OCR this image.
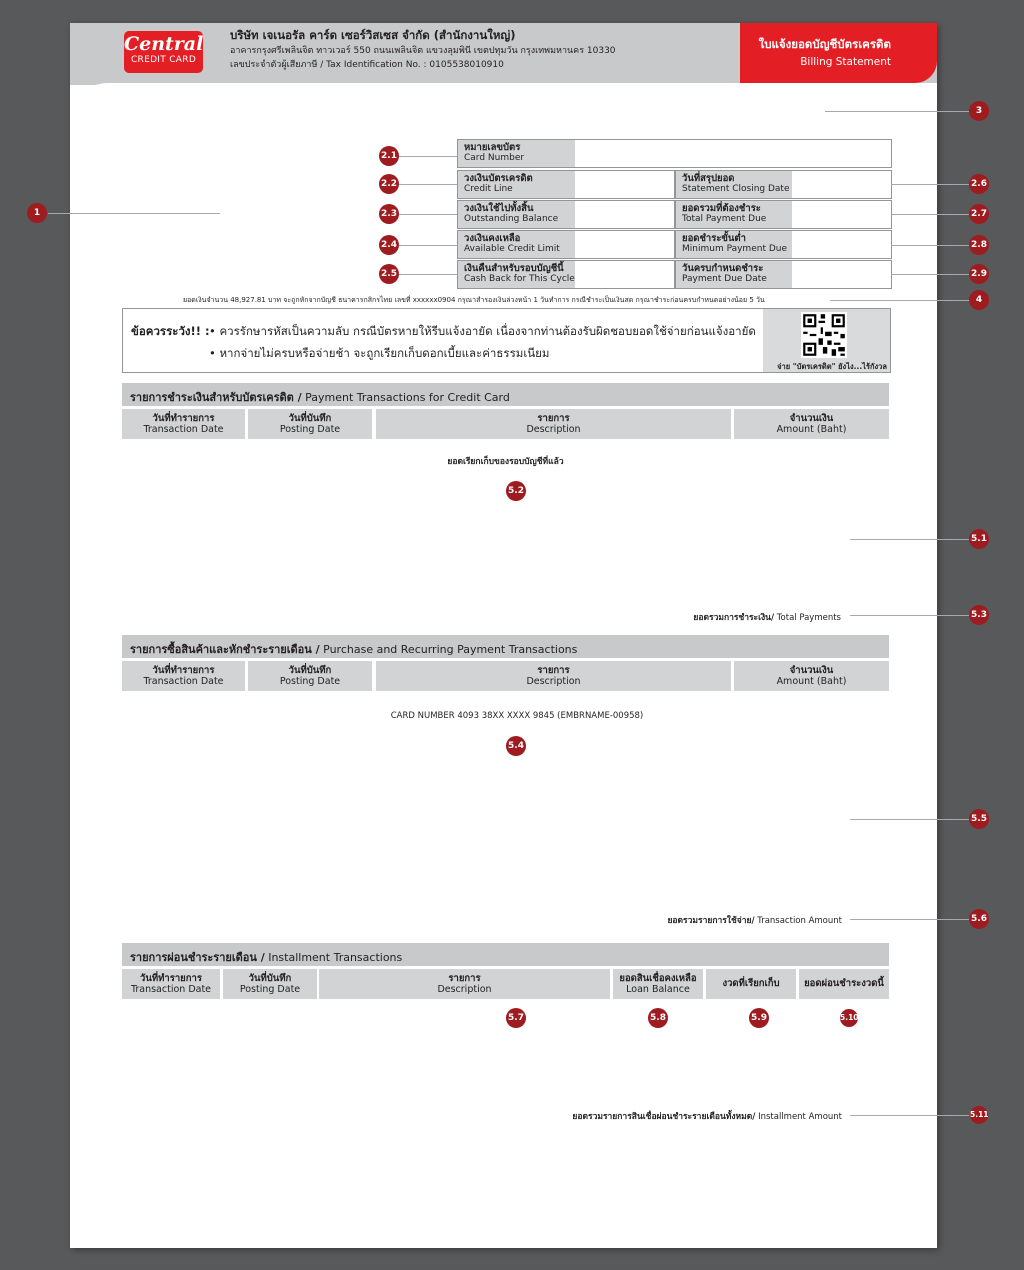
Central
CREDIT CARD
บริษัท เจเนอรัล คาร์ด เซอร์วิสเซส จำกัด (สำนักงานใหญ่)
อาคารกรุงศรีเพลินจิต ทาวเวอร์ 550 ถนนเพลินจิต แขวงลุมพินี เขตปทุมวัน กรุงเทพมหานคร 10330
เลขประจำตัวผู้เสียภาษี / Tax Identification No. : 0105538010910
ใบแจ้งยอดบัญชีบัตรเครดิต
Billing Statement
หมายเลขบัตร
Card Number
วงเงินบัตรเครดิต
Credit Line
วงเงินใช้ไปทั้งสิ้น
Outstanding Balance
วงเงินคงเหลือ
Available Credit Limit
เงินคืนสำหรับรอบบัญชีนี้
Cash Back for This Cycle
วันที่สรุปยอด
Statement Closing Date
ยอดรวมที่ต้องชำระ
Total Payment Due
ยอดชำระขั้นต่ำ
Minimum Payment Due
วันครบกำหนดชำระ
Payment Due Date
ยอดเงินจำนวน 48,927.81 บาท จะถูกหักจากบัญชี ธนาคารกสิกรไทย เลขที่ xxxxxx0904 กรุณาสำรองเงินล่วงหน้า 1 วันทำการ กรณีชำระเป็นเงินสด กรุณาชำระก่อนครบกำหนดอย่างน้อย 5 วัน
ข้อควรระวัง!! :
• ควรรักษารหัสเป็นความลับ กรณีบัตรหายให้รีบแจ้งอายัด เนื่องจากท่านต้องรับผิดชอบยอดใช้จ่ายก่อนแจ้งอายัด
• หากจ่ายไม่ครบหรือจ่ายช้า จะถูกเรียกเก็บดอกเบี้ยและค่าธรรมเนียม
จ่าย "บัตรเครดิต" ยังไง...ไร้กังวล
รายการชำระเงินสำหรับบัตรเครดิต / Payment Transactions for Credit Card
วันที่ทำรายการ
Transaction Date
วันที่บันทึก
Posting Date
รายการ
Description
จำนวนเงิน
Amount (Baht)
ยอดเรียกเก็บของรอบบัญชีที่แล้ว
ยอดรวมการชำระเงิน/ Total Payments
รายการซื้อสินค้าและหักชำระรายเดือน / Purchase and Recurring Payment Transactions
วันที่ทำรายการ
Transaction Date
วันที่บันทึก
Posting Date
รายการ
Description
จำนวนเงิน
Amount (Baht)
CARD NUMBER 4093 38XX XXXX 9845 (EMBRNAME-00958)
ยอดรวมรายการใช้จ่าย/ Transaction Amount
รายการผ่อนชำระรายเดือน / Installment Transactions
วันที่ทำรายการ
Transaction Date
วันที่บันทึก
Posting Date
รายการ
Description
ยอดสินเชื่อคงเหลือ
Loan Balance
งวดที่เรียกเก็บ	ยอดผ่อนชำระงวดนี้
ยอดรวมรายการสินเชื่อผ่อนชำระรายเดือนทั้งหมด/ Installment Amount
1
2.1
2.2
2.3
2.4
2.5
2.6
2.7
2.8
2.9
3
4
5.1
5.2
5.3
5.4
5.5
5.6
5.7	5.8	5.9	5.10
5.11
